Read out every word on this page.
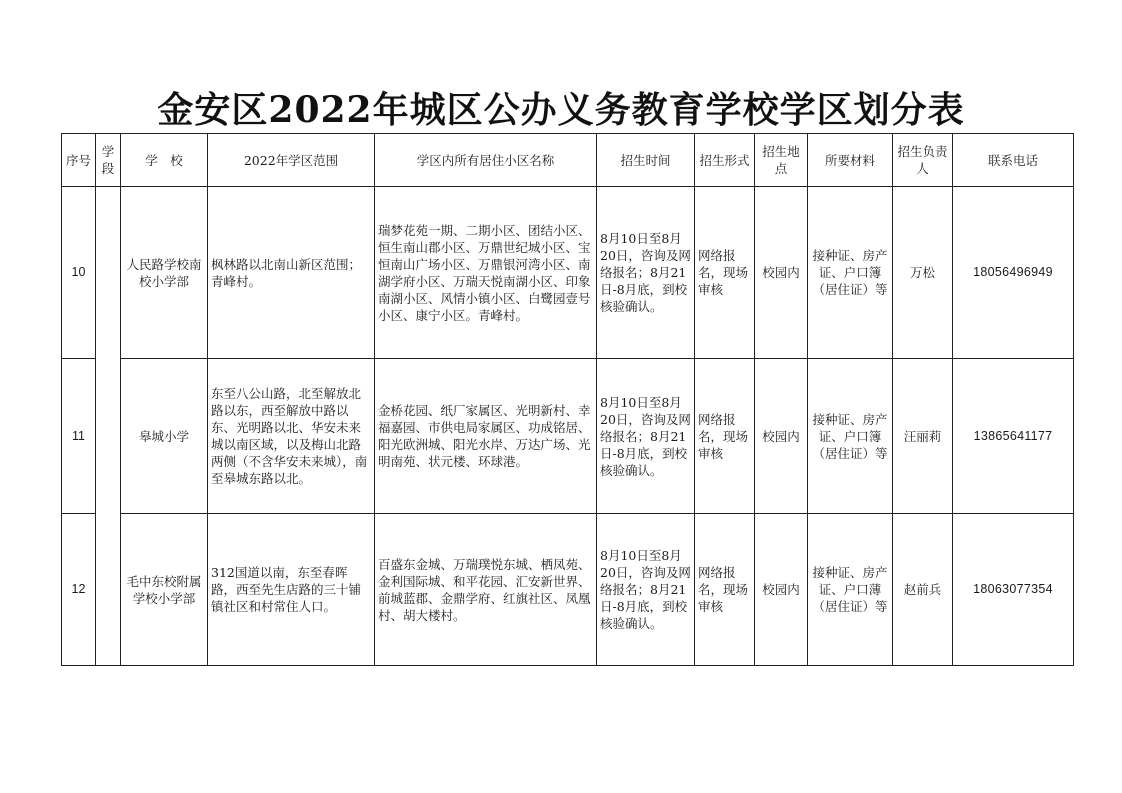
金安区2022年城区公办义务教育学校学区划分表
序号	学段	学　校	2022年学区范围	学区内所有居住小区名称	招生时间	招生形式	招生地点	所要材料	招生负责人	联系电话
10		人民路学校南校小学部	枫林路以北南山新区范围；青峰村。	瑞梦花苑一期、二期小区、团结小区、恒生南山郡小区、万鼎世纪城小区、宝恒南山广场小区、万鼎银河湾小区、南湖学府小区、万瑞天悦南湖小区、印象南湖小区、风情小镇小区、白鹭园壹号小区、康宁小区。青峰村。	8月10日至8月20日，咨询及网络报名；8月21日-8月底，到校核验确认。	网络报名，现场审核	校园内	接种证、房产证、户口簿（居住证）等	万松	18056496949
11		皋城小学	东至八公山路，北至解放北路以东，西至解放中路以东、光明路以北、华安未来城以南区域，以及梅山北路两侧（不含华安未来城），南至皋城东路以北。	金桥花园、纸厂家属区、光明新村、幸福嘉园、市供电局家属区、功成铭居、阳光欧洲城、阳光水岸、万达广场、光明南苑、状元楼、环球港。	8月10日至8月20日，咨询及网络报名；8月21日-8月底，到校核验确认。	网络报名，现场审核	校园内	接种证、房产证、户口簿（居住证）等	汪丽莉	13865641177
12		毛中东校附属学校小学部	312国道以南，东至春晖路，西至先生店路的三十铺镇社区和村常住人口。	百盛东金城、万瑞璞悦东城、栖凤苑、金利国际城、和平花园、汇安新世界、前城蓝郡、金鼎学府、红旗社区、凤凰村、胡大楼村。	8月10日至8月20日，咨询及网络报名；8月21日-8月底，到校核验确认。	网络报名，现场审核	校园内	接种证、房产证、户口薄（居住证）等	赵前兵	18063077354
